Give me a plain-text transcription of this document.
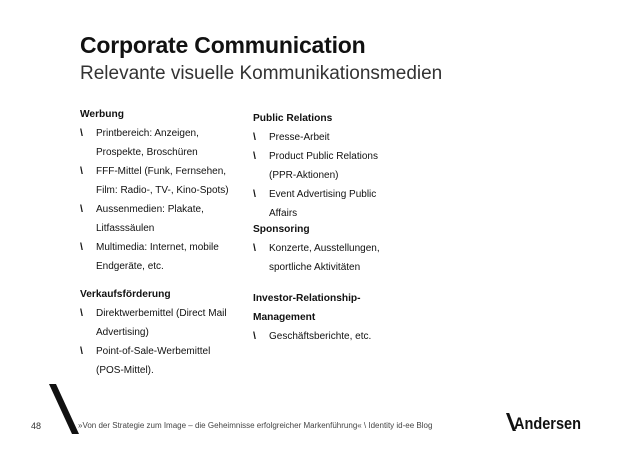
Corporate Communication
Relevante visuelle Kommunikationsmedien
Werbung
\	Printbereich: Anzeigen, Prospekte, Broschüren
\	FFF-Mittel (Funk, Fernsehen, Film: Radio-, TV-, Kino-Spots)
\	Aussenmedien: Plakate, Litfasssäulen
\	Multimedia: Internet, mobile Endgeräte, etc.
Verkaufsförderung
\	Direktwerbemittel (Direct Mail Advertising)
\	Point-of-Sale-Werbemittel (POS-Mittel).
Public Relations
\	Presse-Arbeit
\	Product Public Relations (PPR-Aktionen)
\	Event Advertising Public Affairs
Sponsoring
\	Konzerte, Ausstellungen, sportliche Aktivitäten
Investor-Relationship-
Management
\	Geschäftsberichte, etc.
48	»Von der Strategie zum Image – die Geheimnisse erfolgreicher Markenführung« \ Identity id-ee Blog	Andersen
